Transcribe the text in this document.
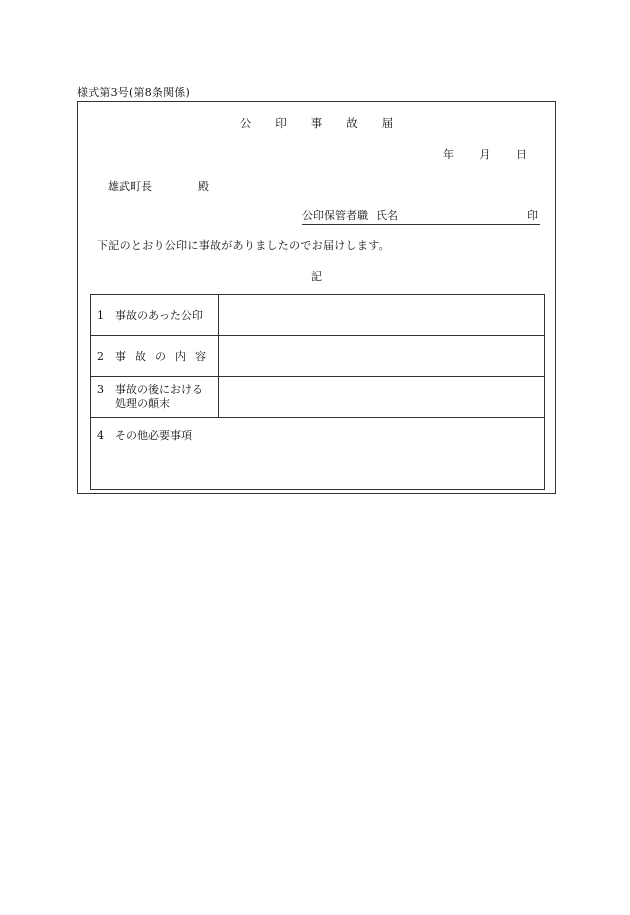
様式第3号(第8条関係)
公印事故届
年 月 日
雄武町長	殿
公印保管者職 氏名	印
下記のとおり公印に事故がありましたのでお届けします。
記
1 事故のあった公印	
2 事故の内容	

3 事故の後における
処理の顛末	

4 その他必要事項	
